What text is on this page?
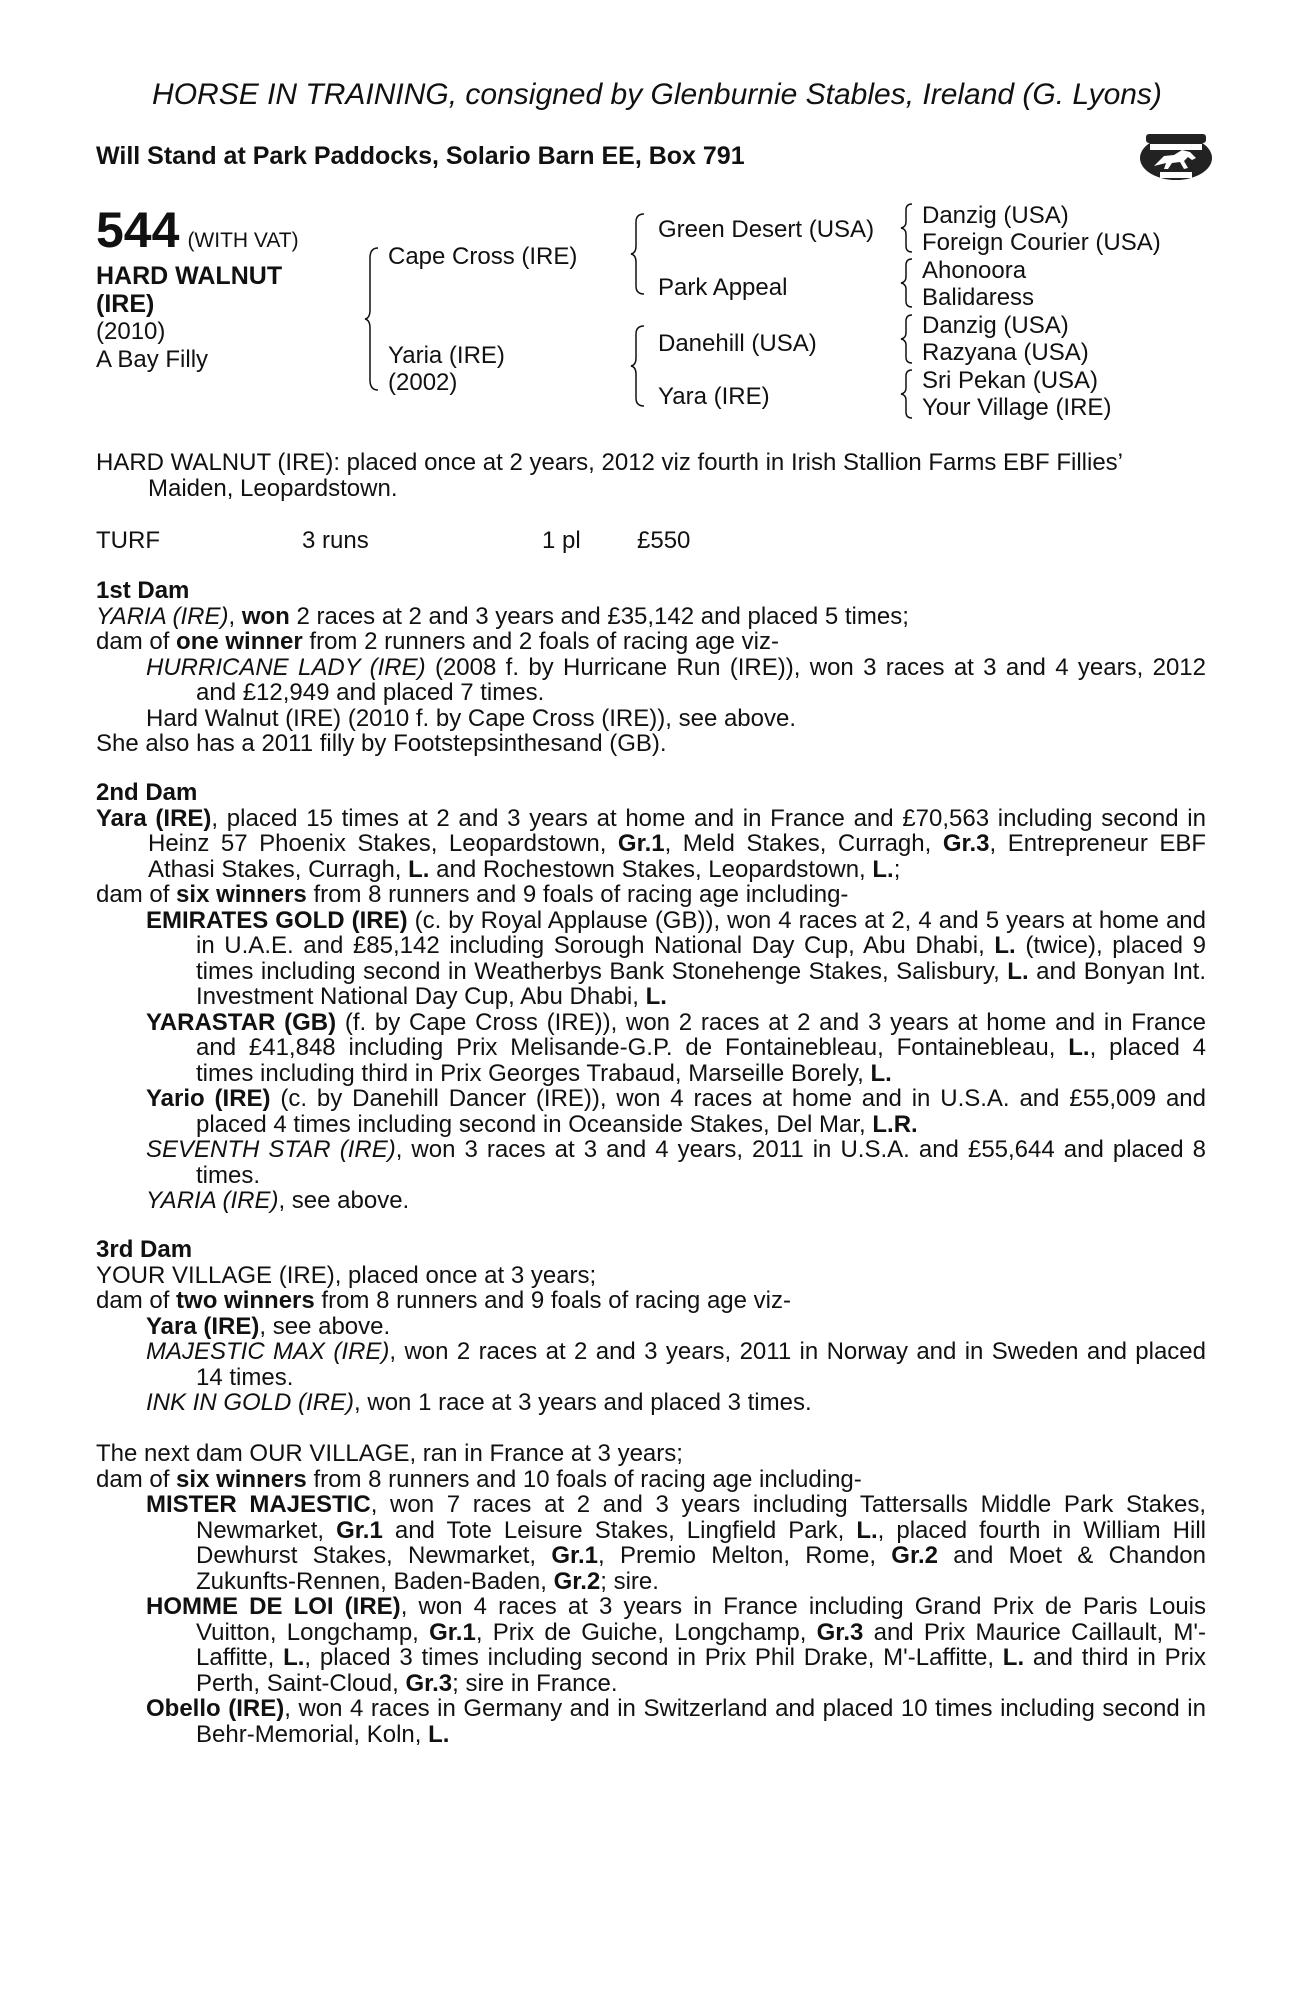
HORSE IN TRAINING, consigned by Glenburnie Stables, Ireland (G. Lyons)
Will Stand at Park Paddocks, Solario Barn EE, Box 791
544 (WITH VAT)
HARD WALNUT
(IRE)
(2010)
A Bay Filly
Cape Cross (IRE)
Yaria (IRE)
(2002)
Green Desert (USA)
Park Appeal
Danehill (USA)
Yara (IRE)
Danzig (USA)
Foreign Courier (USA)
Ahonoora
Balidaress
Danzig (USA)
Razyana (USA)
Sri Pekan (USA)
Your Village (IRE)
HARD WALNUT (IRE): placed once at 2 years, 2012 viz fourth in Irish Stallion Farms EBF Fillies’
Maiden, Leopardstown.
TURF	3 runs	1 pl £550
1st Dam
YARIA (IRE), won 2 races at 2 and 3 years and £35,142 and placed 5 times;
dam of one winner from 2 runners and 2 foals of racing age viz-
HURRICANE LADY (IRE) (2008 f. by Hurricane Run (IRE)), won 3 races at 3 and 4 years, 2012 and £12,949 and placed 7 times.
Hard Walnut (IRE) (2010 f. by Cape Cross (IRE)), see above.
She also has a 2011 filly by Footstepsinthesand (GB).
2nd Dam
Yara (IRE), placed 15 times at 2 and 3 years at home and in France and £70,563 including second in Heinz 57 Phoenix Stakes, Leopardstown, Gr.1, Meld Stakes, Curragh, Gr.3, Entrepreneur EBF Athasi Stakes, Curragh, L. and Rochestown Stakes, Leopardstown, L.;
dam of six winners from 8 runners and 9 foals of racing age including-
EMIRATES GOLD (IRE) (c. by Royal Applause (GB)), won 4 races at 2, 4 and 5 years at home and in U.A.E. and £85,142 including Sorough National Day Cup, Abu Dhabi, L. (twice), placed 9 times including second in Weatherbys Bank Stonehenge Stakes, Salisbury, L. and Bonyan Int. Investment National Day Cup, Abu Dhabi, L.
YARASTAR (GB) (f. by Cape Cross (IRE)), won 2 races at 2 and 3 years at home and in France and £41,848 including Prix Melisande-G.P. de Fontainebleau, Fontainebleau, L., placed 4 times including third in Prix Georges Trabaud, Marseille Borely, L.
Yario (IRE) (c. by Danehill Dancer (IRE)), won 4 races at home and in U.S.A. and £55,009 and placed 4 times including second in Oceanside Stakes, Del Mar, L.R.
SEVENTH STAR (IRE), won 3 races at 3 and 4 years, 2011 in U.S.A. and £55,644 and placed 8 times.
YARIA (IRE), see above.
3rd Dam
YOUR VILLAGE (IRE), placed once at 3 years;
dam of two winners from 8 runners and 9 foals of racing age viz-
Yara (IRE), see above.
MAJESTIC MAX (IRE), won 2 races at 2 and 3 years, 2011 in Norway and in Sweden and placed 14 times.
INK IN GOLD (IRE), won 1 race at 3 years and placed 3 times.
The next dam OUR VILLAGE, ran in France at 3 years;
dam of six winners from 8 runners and 10 foals of racing age including-
MISTER MAJESTIC, won 7 races at 2 and 3 years including Tattersalls Middle Park Stakes, Newmarket, Gr.1 and Tote Leisure Stakes, Lingfield Park, L., placed fourth in William Hill Dewhurst Stakes, Newmarket, Gr.1, Premio Melton, Rome, Gr.2 and Moet & Chandon Zukunfts-Rennen, Baden-Baden, Gr.2; sire.
HOMME DE LOI (IRE), won 4 races at 3 years in France including Grand Prix de Paris Louis Vuitton, Longchamp, Gr.1, Prix de Guiche, Longchamp, Gr.3 and Prix Maurice Caillault, M'-Laffitte, L., placed 3 times including second in Prix Phil Drake, M'-Laffitte, L. and third in Prix Perth, Saint-Cloud, Gr.3; sire in France.
Obello (IRE), won 4 races in Germany and in Switzerland and placed 10 times including second in Behr-Memorial, Koln, L.
